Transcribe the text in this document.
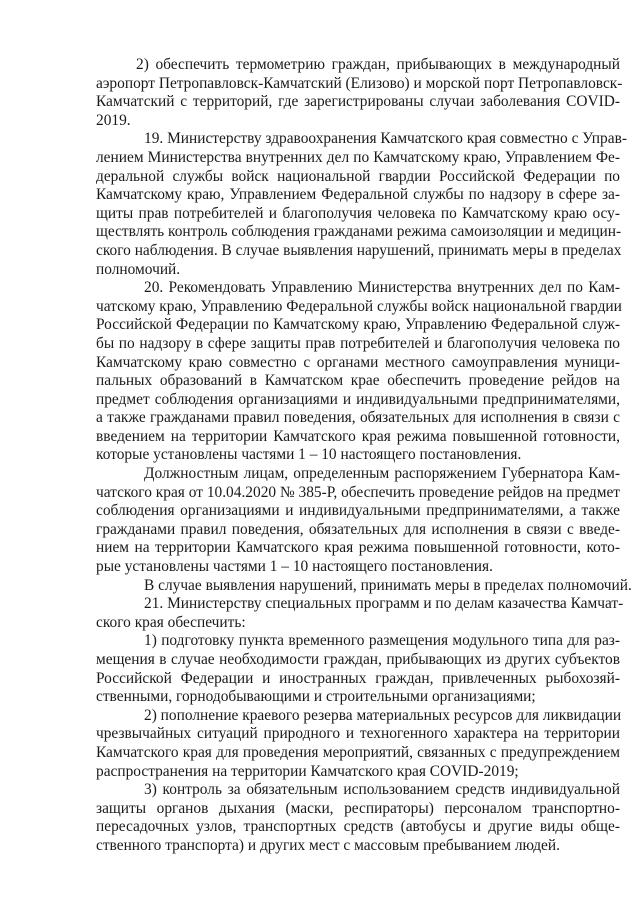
2) обеспечить термометрию граждан, прибывающих в международный
аэропорт Петропавловск-Камчатский (Елизово) и морской порт Петропавловск-
Камчатский с территорий, где зарегистрированы случаи заболевания COVID-
2019.
19. Министерству здравоохранения Камчатского края совместно с Управ-
лением Министерства внутренних дел по Камчатскому краю, Управлением Фе-
деральной службы войск национальной гвардии Российской Федерации по
Камчатскому краю, Управлением Федеральной службы по надзору в сфере за-
щиты прав потребителей и благополучия человека по Камчатскому краю осу-
ществлять контроль соблюдения гражданами режима самоизоляции и медицин-
ского наблюдения. В случае выявления нарушений, принимать меры в пределах
полномочий.
20. Рекомендовать Управлению Министерства внутренних дел по Кам-
чатскому краю, Управлению Федеральной службы войск национальной гвардии
Российской Федерации по Камчатскому краю, Управлению Федеральной служ-
бы по надзору в сфере защиты прав потребителей и благополучия человека по
Камчатскому краю совместно с органами местного самоуправления муници-
пальных образований в Камчатском крае обеспечить проведение рейдов на
предмет соблюдения организациями и индивидуальными предпринимателями,
а также гражданами правил поведения, обязательных для исполнения в связи с
введением на территории Камчатского края режима повышенной готовности,
которые установлены частями 1 – 10 настоящего постановления.
Должностным лицам, определенным распоряжением Губернатора Кам-
чатского края от 10.04.2020 № 385-Р, обеспечить проведение рейдов на предмет
соблюдения организациями и индивидуальными предпринимателями, а также
гражданами правил поведения, обязательных для исполнения в связи с введе-
нием на территории Камчатского края режима повышенной готовности, кото-
рые установлены частями 1 – 10 настоящего постановления.
В случае выявления нарушений, принимать меры в пределах полномочий.
21. Министерству специальных программ и по делам казачества Камчат-
ского края обеспечить:
1) подготовку пункта временного размещения модульного типа для раз-
мещения в случае необходимости граждан, прибывающих из других субъектов
Российской Федерации и иностранных граждан, привлеченных рыбохозяй-
ственными, горнодобывающими и строительными организациями;
2) пополнение краевого резерва материальных ресурсов для ликвидации
чрезвычайных ситуаций природного и техногенного характера на территории
Камчатского края для проведения мероприятий, связанных с предупреждением
распространения на территории Камчатского края COVID-2019;
3) контроль за обязательным использованием средств индивидуальной
защиты органов дыхания (маски, респираторы) персоналом транспортно-
пересадочных узлов, транспортных средств (автобусы и другие виды обще-
ственного транспорта) и других мест с массовым пребыванием людей.
